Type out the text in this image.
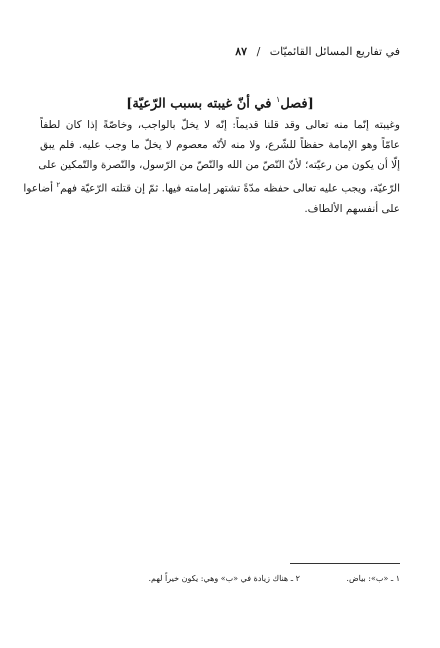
في تفاريع المسائل القائميّات / ٨٧
[فصل$^١$ في أنّ غيبته بسبب الرّعيّة]
وغيبته إنّما منه تعالى وقد قلنا قديماً: إنّه لا يخلّ بالواجب، وخاصّةً إذا كان لطفاً
عامّاً وهو الإمامة حفظاً للشّرع، ولا منه لأنّه معصوم لا يخلّ ما وجب عليه. فلم يبق
إلّا أن يكون من رعيّته؛ لأنّ النّصّ من الله والنّصّ من الرّسول، والنّصرة والتّمكين على
الرّعيّة، ويجب عليه تعالى حفظه مدّةً تشتهر إمامته فيها. ثمّ إن قتلته الرّعيّة فهم$^٢$ أضاعوا
على أنفسهم الألطاف.
١ ـ «ب»: بياض. ٢ ـ هناك زيادة في «ب» وهي: يكون خيراً لهم.
